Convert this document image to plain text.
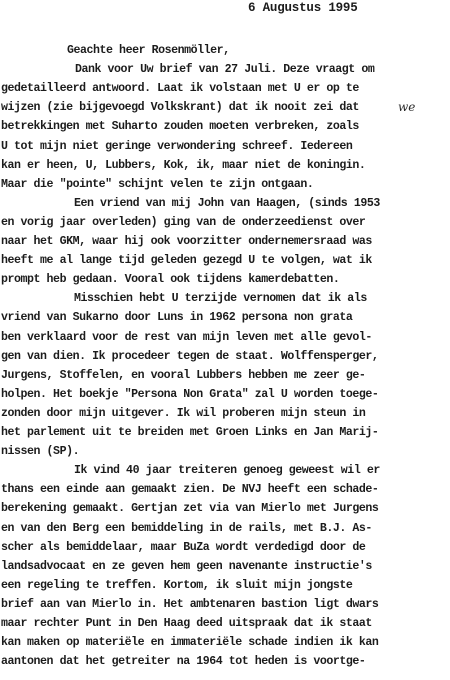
6 Augustus 1995
Geachte heer Rosenmöller,
Dank voor Uw brief van 27 Juli. Deze vraagt om
gedetailleerd antwoord. Laat ik volstaan met U er op te
wijzen (zie bijgevoegd Volkskrant) dat ik nooit zei dat
betrekkingen met Suharto zouden moeten verbreken, zoals
U tot mijn niet geringe verwondering schreef. Iedereen
kan er heen, U, Lubbers, Kok, ik, maar niet de koningin.
Maar die "pointe" schijnt velen te zijn ontgaan.
we
Een vriend van mij John van Haagen, (sinds 1953
en vorig jaar overleden) ging van de onderzeedienst over
naar het GKM, waar hij ook voorzitter ondernemersraad was
heeft me al lange tijd geleden gezegd U te volgen, wat ik
prompt heb gedaan. Vooral ook tijdens kamerdebatten.
Misschien hebt U terzijde vernomen dat ik als
vriend van Sukarno door Luns in 1962 persona non grata
ben verklaard voor de rest van mijn leven met alle gevol-
gen van dien. Ik procedeer tegen de staat. Wolffensperger,
Jurgens, Stoffelen, en vooral Lubbers hebben me zeer ge-
holpen. Het boekje "Persona Non Grata" zal U worden toege-
zonden door mijn uitgever. Ik wil proberen mijn steun in
het parlement uit te breiden met Groen Links en Jan Marij-
nissen (SP).
Ik vind 40 jaar treiteren genoeg geweest wil er
thans een einde aan gemaakt zien. De NVJ heeft een schade-
berekening gemaakt. Gertjan zet via van Mierlo met Jurgens
en van den Berg een bemiddeling in de rails, met B.J. As-
scher als bemiddelaar, maar BuZa wordt verdedigd door de
landsadvocaat en ze geven hem geen navenante instructie's
een regeling te treffen. Kortom, ik sluit mijn jongste
brief aan van Mierlo in. Het ambtenaren bastion ligt dwars
maar rechter Punt in Den Haag deed uitspraak dat ik staat
kan maken op materiële en immateriële schade indien ik kan
aantonen dat het getreiter na 1964 tot heden is voortge-
